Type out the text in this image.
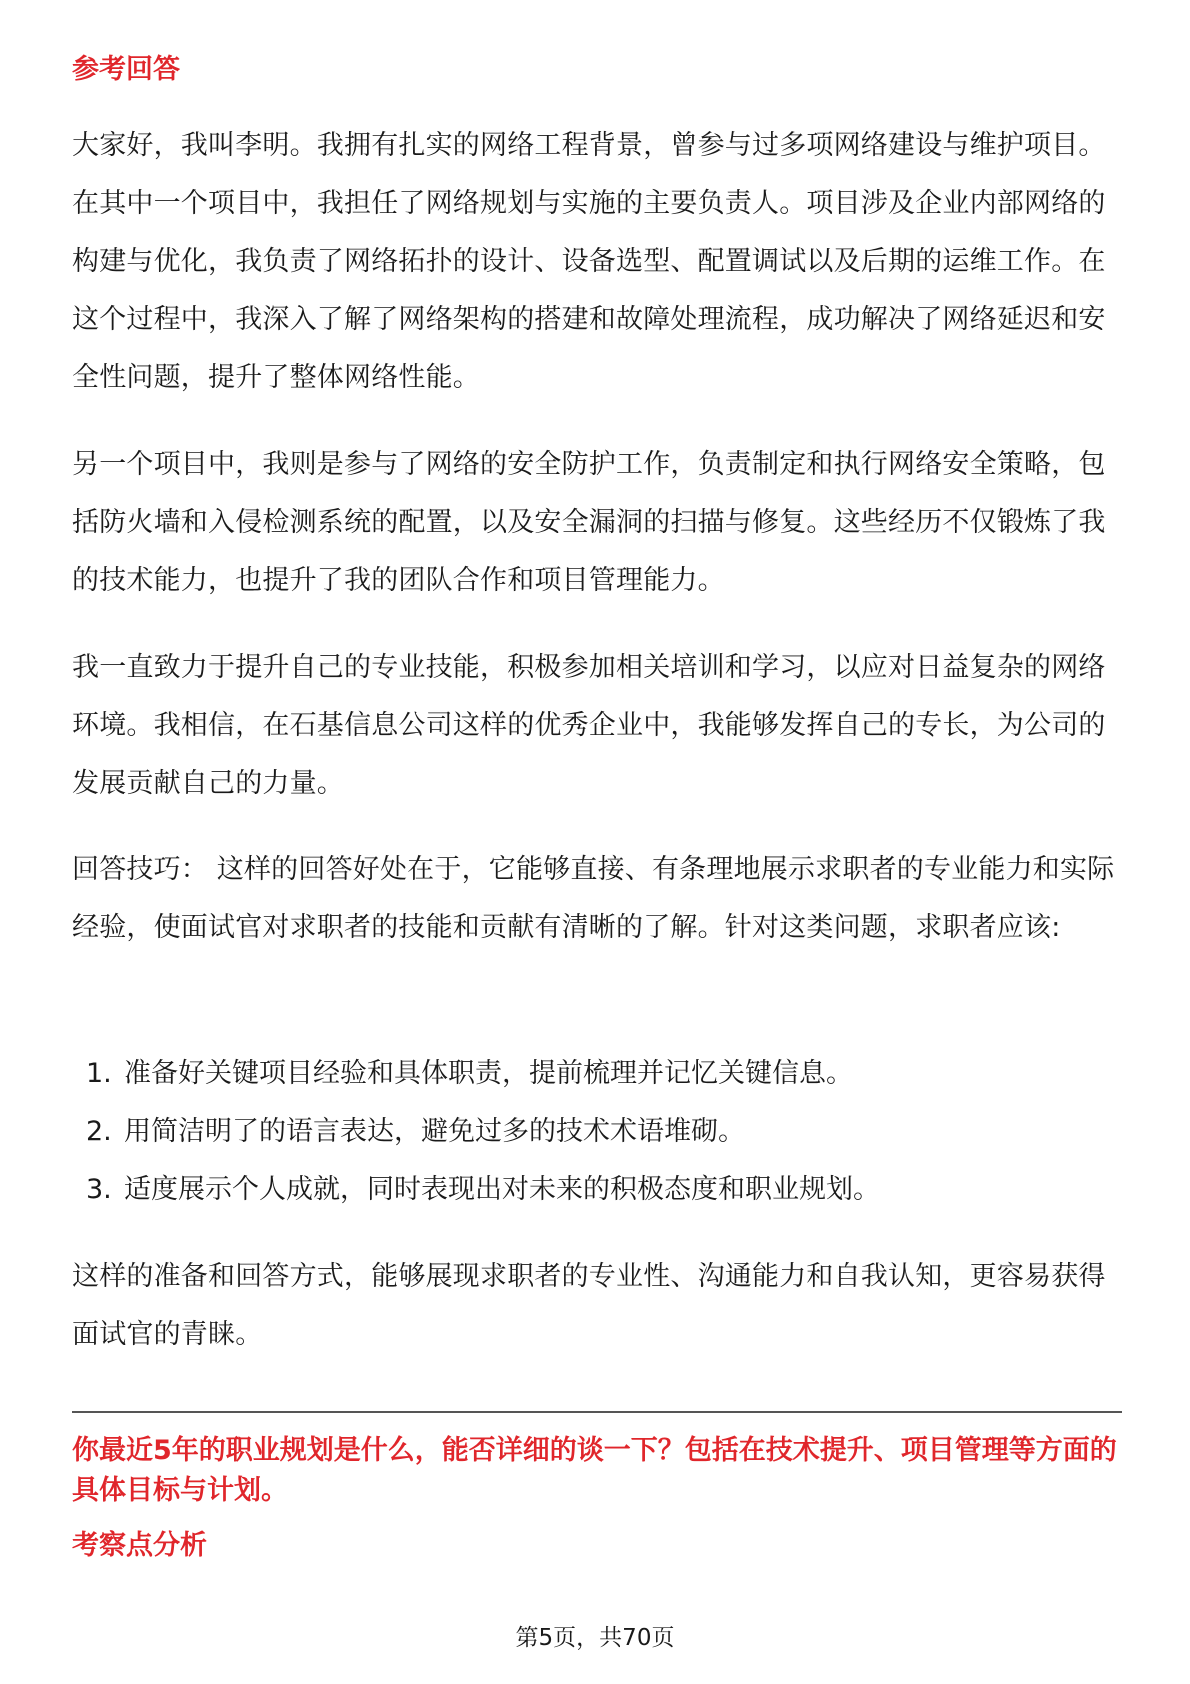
参考回答

大家好，我叫李明。我拥有扎实的网络工程背景，曾参与过多项网络建设与维护项目。在其中一个项目中，我担任了网络规划与实施的主要负责人。项目涉及企业内部网络的构建与优化，我负责了网络拓扑的设计、设备选型、配置调试以及后期的运维工作。在这个过程中，我深入了解了网络架构的搭建和故障处理流程，成功解决了网络延迟和安全性问题，提升了整体网络性能。

另一个项目中，我则是参与了网络的安全防护工作，负责制定和执行网络安全策略，包括防火墙和入侵检测系统的配置，以及安全漏洞的扫描与修复。这些经历不仅锻炼了我的技术能力，也提升了我的团队合作和项目管理能力。

我一直致力于提升自己的专业技能，积极参加相关培训和学习，以应对日益复杂的网络环境。我相信，在石基信息公司这样的优秀企业中，我能够发挥自己的专长，为公司的发展贡献自己的力量。

回答技巧： 这样的回答好处在于，它能够直接、有条理地展示求职者的专业能力和实际经验，使面试官对求职者的技能和贡献有清晰的了解。针对这类问题，求职者应该:

1. 准备好关键项目经验和具体职责，提前梳理并记忆关键信息。
2. 用简洁明了的语言表达，避免过多的技术术语堆砌。
3. 适度展示个人成就，同时表现出对未来的积极态度和职业规划。

这样的准备和回答方式，能够展现求职者的专业性、沟通能力和自我认知，更容易获得面试官的青睐。

你最近5年的职业规划是什么，能否详细的谈一下？包括在技术提升、项目管理等方面的具体目标与计划。
考察点分析
第5页，共70页
